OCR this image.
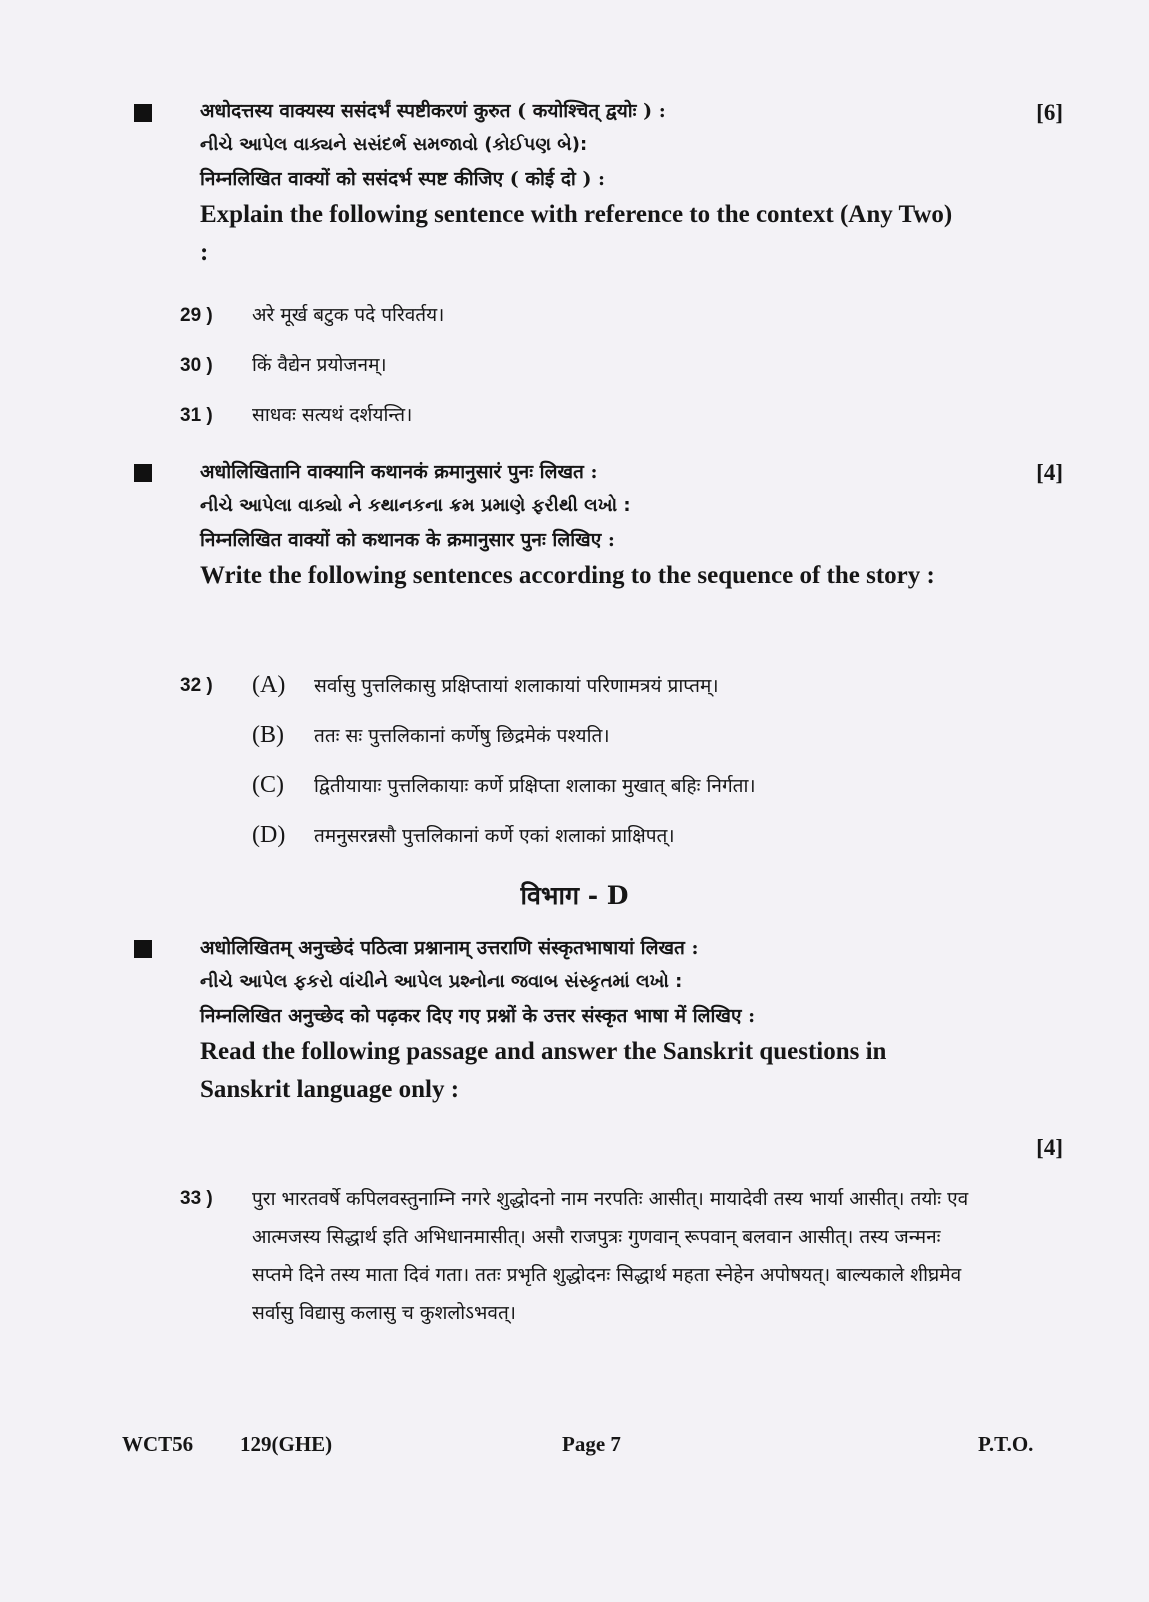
[6]
अधोदत्तस्य वाक्यस्य ससंदर्भं स्पष्टीकरणं कुरुत ( कयोश्चित् द्वयोः ) :
નીચે આપેલ વાક્યને સસંદર્ભ સમજાવો (કોઈપણ બે):
निम्नलिखित वाक्यों को ससंदर्भ स्पष्ट कीजिए ( कोई दो ) :
Explain the following sentence with reference to the context (Any Two) :
29 ) अरे मूर्ख बटुक पदे परिवर्तय।
30 ) किं वैद्येन प्रयोजनम्।
31 ) साधवः सत्यथं दर्शयन्ति।
[4]
अधोलिखितानि वाक्यानि कथानकं क्रमानुसारं पुनः लिखत :
નીચે આપેલા વાક્યો ને કથાનકના ક્રમ પ્રમાણે ફરીથી લખો :
निम्नलिखित वाक्यों को कथानक के क्रमानुसार पुनः लिखिए :
Write the following sentences according to the sequence of the story :
32 )	(A) सर्वासु पुत्तलिकासु प्रक्षिप्तायां शलाकायां परिणामत्रयं प्राप्तम्।
(B) ततः सः पुत्तलिकानां कर्णेषु छिद्रमेकं पश्यति।
(C) द्वितीयायाः पुत्तलिकायाः कर्णे प्रक्षिप्ता शलाका मुखात् बहिः निर्गता।
(D) तमनुसरन्नसौ पुत्तलिकानां कर्णे एकां शलाकां प्राक्षिपत्।
विभाग - D
[4]
अधोलिखितम् अनुच्छेदं पठित्वा प्रश्नानाम् उत्तराणि संस्कृतभाषायां लिखत :
નીચે આપેલ ફકરો વાંચીને આપેલ પ્રશ્નોના જવાબ સંસ્કૃતમાં લખો :
निम्नलिखित अनुच्छेद को पढ़कर दिए गए प्रश्नों के उत्तर संस्कृत भाषा में लिखिए :
Read the following passage and answer the Sanskrit questions in Sanskrit language only :
33 )	पुरा भारतवर्षे कपिलवस्तुनाम्नि नगरे शुद्धोदनो नाम नरपतिः आसीत्। मायादेवी तस्य भार्या आसीत्। तयोः एव आत्मजस्य सिद्धार्थ इति अभिधानमासीत्। असौ राजपुत्रः गुणवान् रूपवान् बलवान आसीत्। तस्य जन्मनः सप्तमे दिने तस्य माता दिवं गता। ततः प्रभृति शुद्धोदनः सिद्धार्थ महता स्नेहेन अपोषयत्। बाल्यकाले शीघ्रमेव सर्वासु विद्यासु कलासु च कुशलोऽभवत्।
WCT56 129(GHE)	Page 7	P.T.O.
